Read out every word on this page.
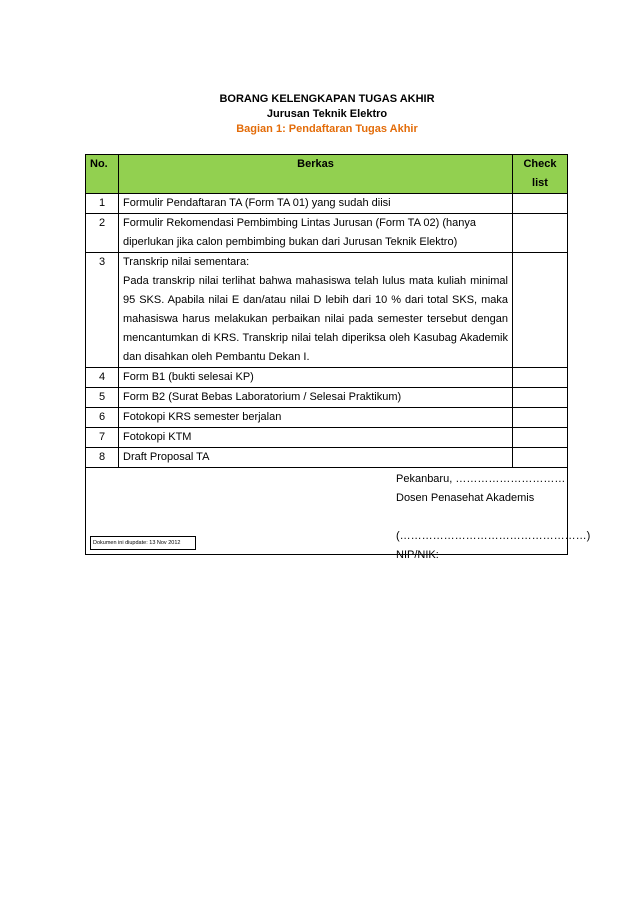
BORANG KELENGKAPAN TUGAS AKHIR
Jurusan Teknik Elektro
Bagian 1: Pendaftaran Tugas Akhir
No.	Berkas	Check
list
1	Formulir Pendaftaran TA (Form TA 01) yang sudah diisi	
2	Formulir Rekomendasi Pembimbing Lintas Jurusan (Form TA 02) (hanya
diperlukan jika calon pembimbing bukan dari Jurusan Teknik Elektro)	
3	Transkrip nilai sementara:
Pada transkrip nilai terlihat bahwa mahasiswa telah lulus mata kuliah minimal 95 SKS. Apabila nilai E dan/atau nilai D lebih dari 10 % dari total SKS, maka mahasiswa harus melakukan perbaikan nilai pada semester tersebut dengan mencantumkan di KRS. Transkrip nilai telah diperiksa oleh Kasubag Akademik dan disahkan oleh Pembantu Dekan I.	

4	Form B1 (bukti selesai KP)	
5	Form B2 (Surat Bebas Laboratorium / Selesai Praktikum)	
6	Fotokopi KRS semester berjalan	
7	Fotokopi KTM	
8	Draft Proposal TA	

Dokumen ini diupdate: 13 Nov 2012
Pekanbaru, …………………………
Dosen Penasehat Akademis
(……………………………………………)
NIP/NIK:		
